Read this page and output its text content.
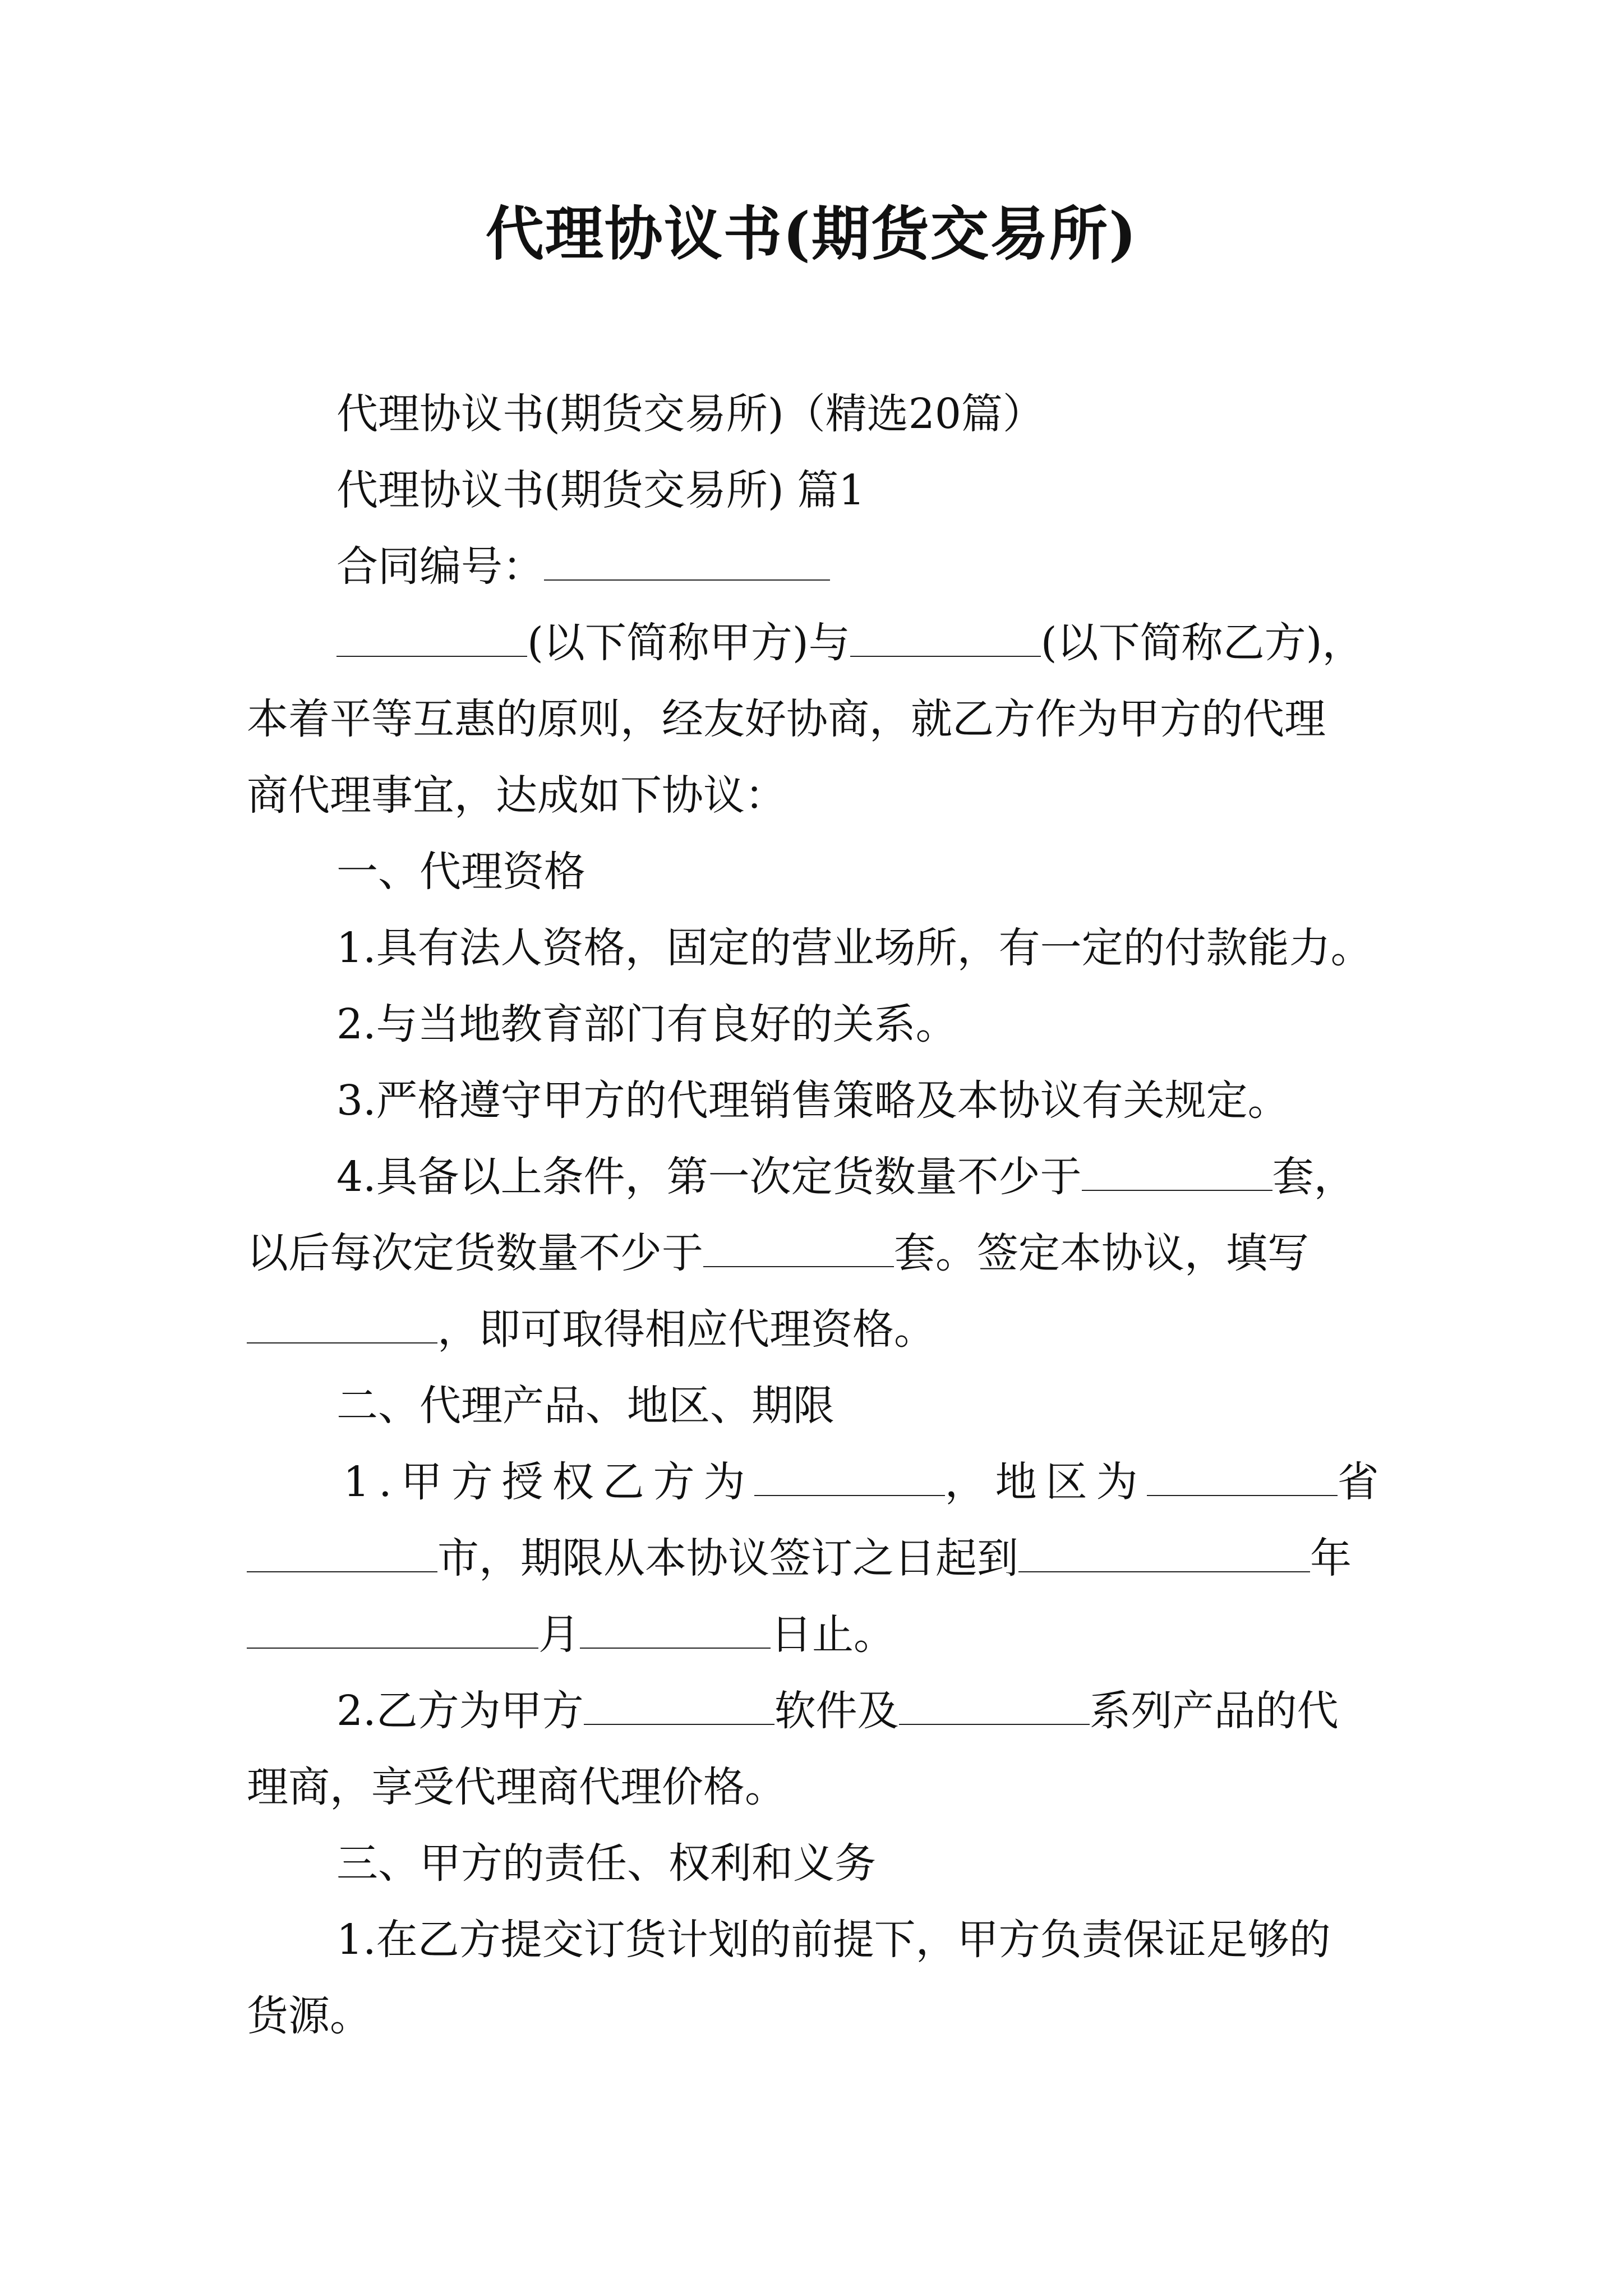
代理协议书(期货交易所)
代理协议书(期货交易所)（精选20篇）
代理协议书(期货交易所) 篇1
合同编号：
(以下简称甲方)与	(以下简称乙方)，
本着平等互惠的原则，经友好协商，就乙方作为甲方的代理
商代理事宜，达成如下协议：
一、代理资格
1.具有法人资格，固定的营业场所，有一定的付款能力。
2.与当地教育部门有良好的关系。
3.严格遵守甲方的代理销售策略及本协议有关规定。
4.具备以上条件，第一次定货数量不少于	套，
以后每次定货数量不少于	套。签定本协议，填写
，即可取得相应代理资格。
二、代理产品、地区、期限
1.甲方授权乙方为	，地区为	省
市，期限从本协议签订之日起到	年
月	日止。
2.乙方为甲方	软件及	系列产品的代
理商，享受代理商代理价格。
三、甲方的责任、权利和义务
1.在乙方提交订货计划的前提下，甲方负责保证足够的
货源。
